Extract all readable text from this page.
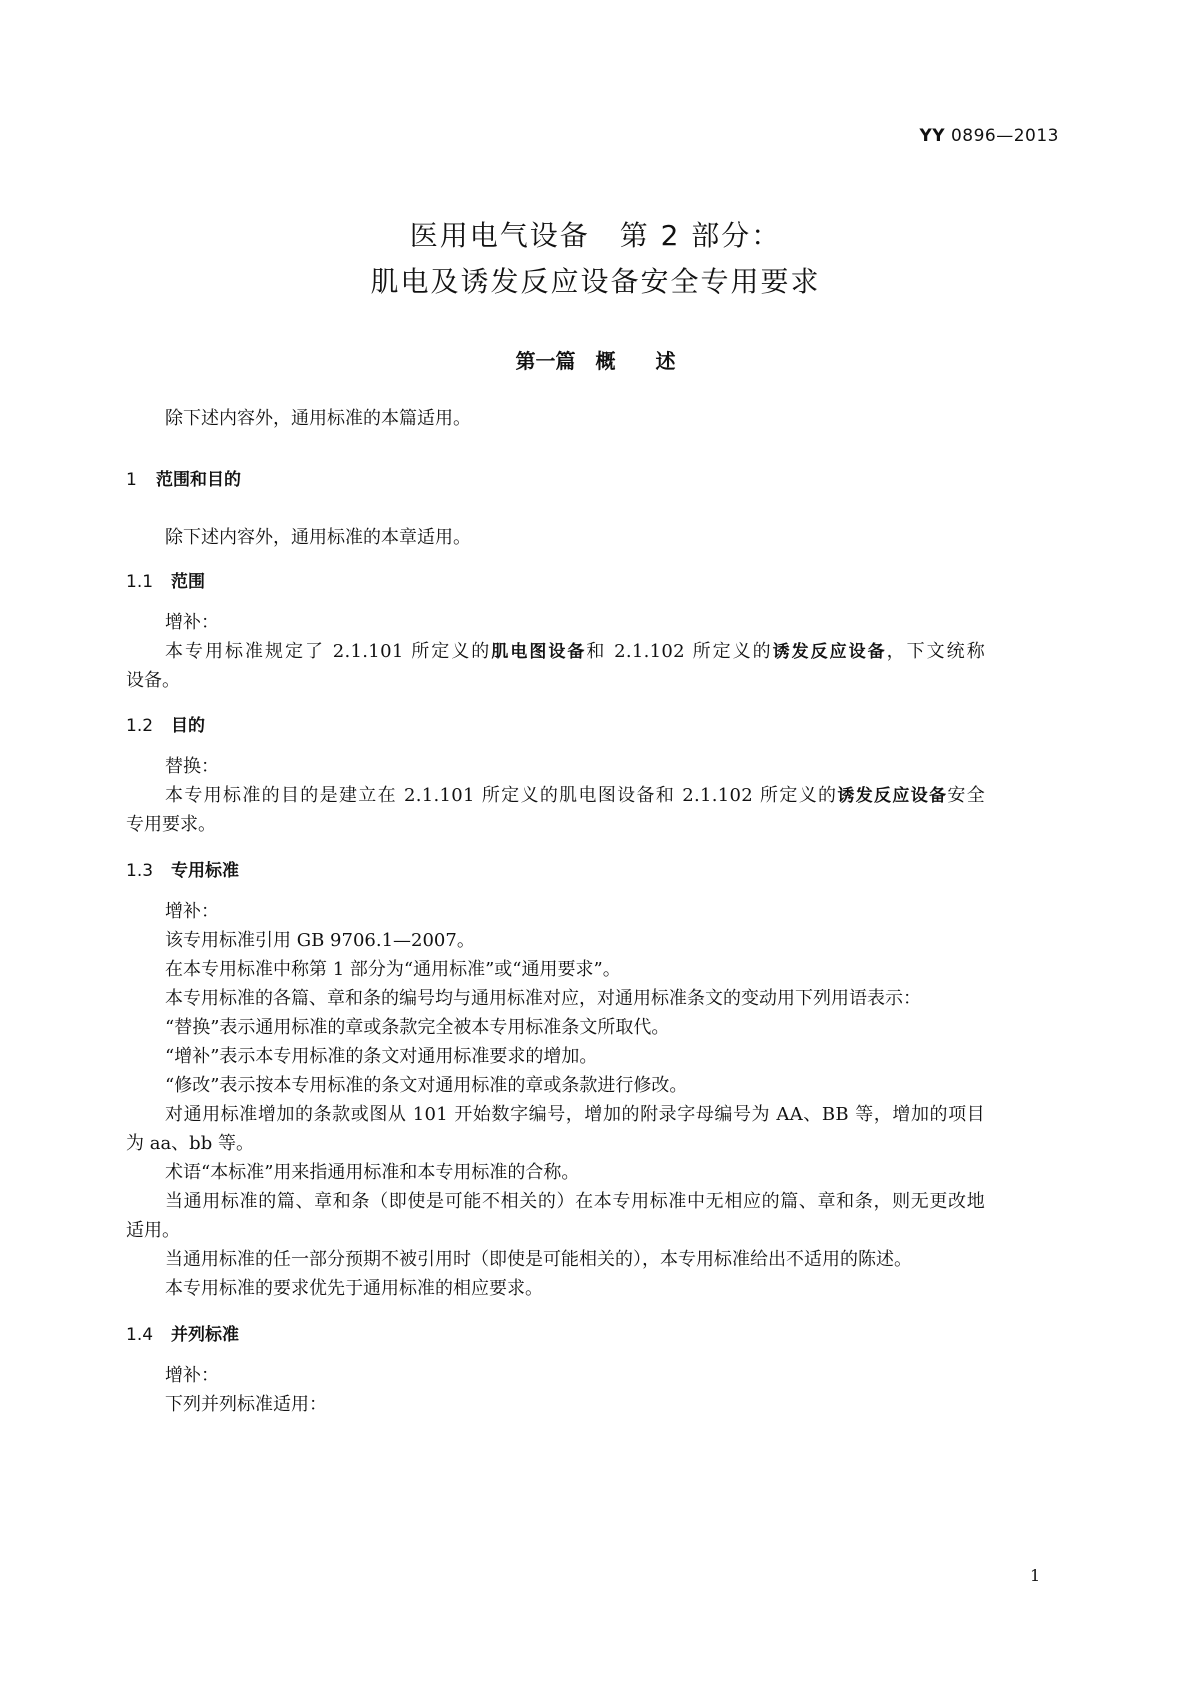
YY 0896—2013
医用电气设备　第 2 部分：
肌电及诱发反应设备安全专用要求
第一篇　概　　述
除下述内容外，通用标准的本篇适用。
1 范围和目的
除下述内容外，通用标准的本章适用。
1.1 范围
增补：
本专用标准规定了 2.1.101 所定义的肌电图设备和 2.1.102 所定义的诱发反应设备，下文统称
设备。
1.2 目的
替换：
本专用标准的目的是建立在 2.1.101 所定义的肌电图设备和 2.1.102 所定义的诱发反应设备安全
专用要求。
1.3 专用标准
增补：
该专用标准引用 GB 9706.1—2007。
在本专用标准中称第 1 部分为“通用标准”或“通用要求”。
本专用标准的各篇、章和条的编号均与通用标准对应，对通用标准条文的变动用下列用语表示：
“替换”表示通用标准的章或条款完全被本专用标准条文所取代。
“增补”表示本专用标准的条文对通用标准要求的增加。
“修改”表示按本专用标准的条文对通用标准的章或条款进行修改。
对通用标准增加的条款或图从 101 开始数字编号，增加的附录字母编号为 AA、BB 等，增加的项目
为 aa、bb 等。
术语“本标准”用来指通用标准和本专用标准的合称。
当通用标准的篇、章和条（即使是可能不相关的）在本专用标准中无相应的篇、章和条，则无更改地
适用。
当通用标准的任一部分预期不被引用时（即使是可能相关的），本专用标准给出不适用的陈述。
本专用标准的要求优先于通用标准的相应要求。
1.4 并列标准
增补：
下列并列标准适用：
1
